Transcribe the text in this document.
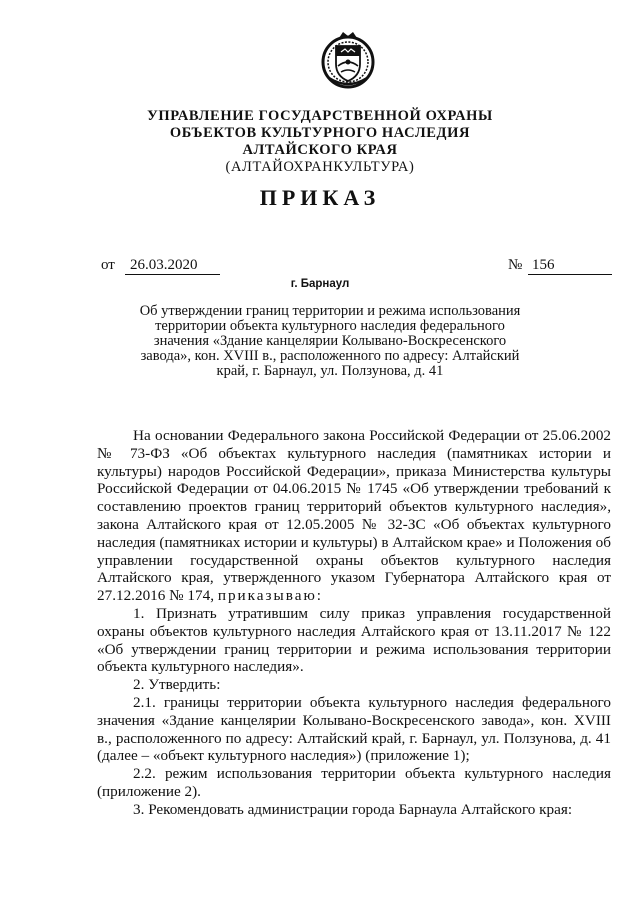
УПРАВЛЕНИЕ ГОСУДАРСТВЕННОЙ ОХРАНЫ
ОБЪЕКТОВ КУЛЬТУРНОГО НАСЛЕДИЯ
АЛТАЙСКОГО КРАЯ
(АЛТАЙОХРАНКУЛЬТУРА)
ПРИКАЗ
от	26.03.2020	№ 156
г. Барнаул
Об утверждении границ территории и режима использования территории объекта культурного наследия федерального значения «Здание канцелярии Колывано-Воскресенского завода», кон. XVIII в., расположенного по адресу: Алтайский край, г. Барнаул, ул. Ползунова, д. 41

На основании Федерального закона Российской Федерации от 25.06.2002 № 73-ФЗ «Об объектах культурного наследия (памятниках истории и культуры) народов Российской Федерации», приказа Министерства культуры Российской Федерации от 04.06.2015 № 1745 «Об утверждении требований к составлению проектов границ территорий объектов культурного наследия», закона Алтайского края от 12.05.2005 № 32-ЗС «Об объектах культурного наследия (памятниках истории и культуры) в Алтайском крае» и Положения об управлении государственной охраны объектов культурного наследия Алтайского края, утвержденного указом Губернатора Алтайского края от 27.12.2016 № 174, приказываю:

1. Признать утратившим силу приказ управления государственной охраны объектов культурного наследия Алтайского края от 13.11.2017 № 122 «Об утверждении границ территории и режима использования территории объекта культурного наследия».

2. Утвердить:

2.1. границы территории объекта культурного наследия федерального значения «Здание канцелярии Колывано-Воскресенского завода», кон. XVIII в., расположенного по адресу: Алтайский край, г. Барнаул, ул. Ползунова, д. 41 (далее – «объект культурного наследия») (приложение 1);

2.2. режим использования территории объекта культурного наследия (приложение 2).

3. Рекомендовать администрации города Барнаула Алтайского края:
